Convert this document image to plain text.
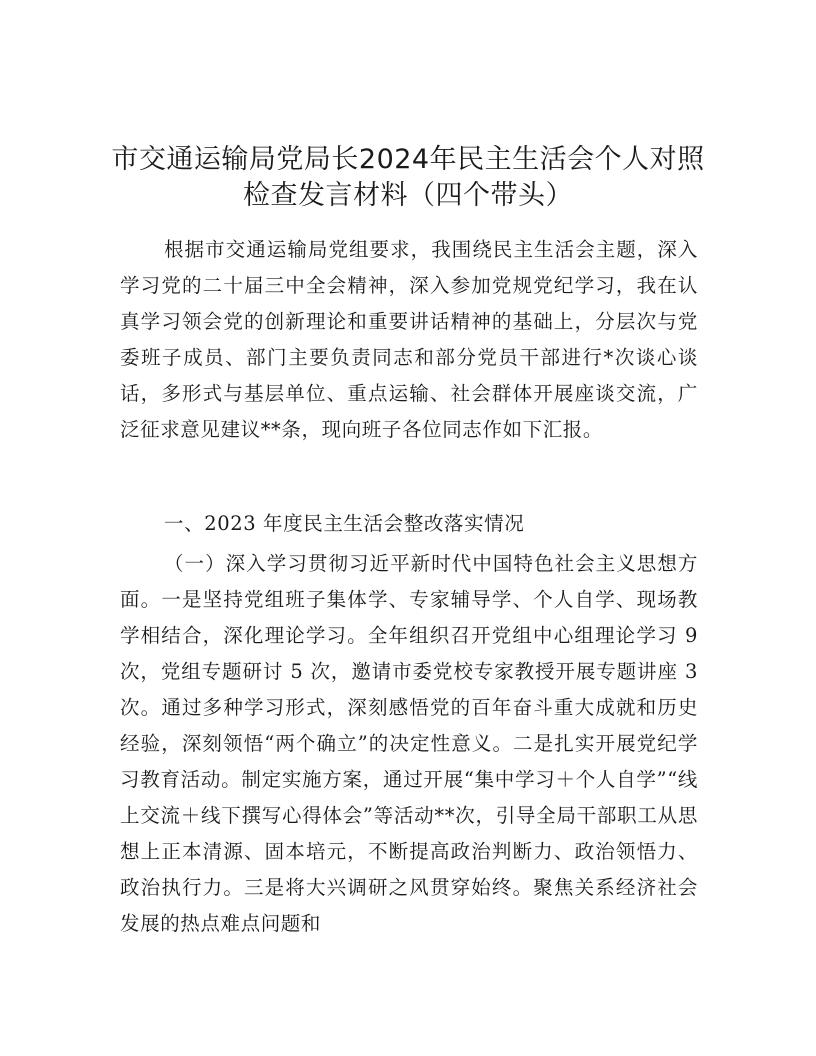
市交通运输局党局长2024年民主生活会个人对照检查发言材料（四个带头）

根据市交通运输局党组要求，我围绕民主生活会主题，深入学习党的二十届三中全会精神，深入参加党规党纪学习，我在认真学习领会党的创新理论和重要讲话精神的基础上，分层次与党委班子成员、部门主要负责同志和部分党员干部进行*次谈心谈话，多形式与基层单位、重点运输、社会群体开展座谈交流，广泛征求意见建议**条，现向班子各位同志作如下汇报。

一、2023 年度民主生活会整改落实情况

（一）深入学习贯彻习近平新时代中国特色社会主义思想方面。一是坚持党组班子集体学、专家辅导学、个人自学、现场教学相结合，深化理论学习。全年组织召开党组中心组理论学习 9 次，党组专题研讨 5 次，邀请市委党校专家教授开展专题讲座 3 次。通过多种学习形式，深刻感悟党的百年奋斗重大成就和历史经验，深刻领悟“两个确立”的决定性意义。二是扎实开展党纪学习教育活动。制定实施方案，通过开展“集中学习＋个人自学”“线上交流＋线下撰写心得体会”等活动**次，引导全局干部职工从思想上正本清源、固本培元，不断提高政治判断力、政治领悟力、政治执行力。三是将大兴调研之风贯穿始终。聚焦关系经济社会发展的热点难点问题和
